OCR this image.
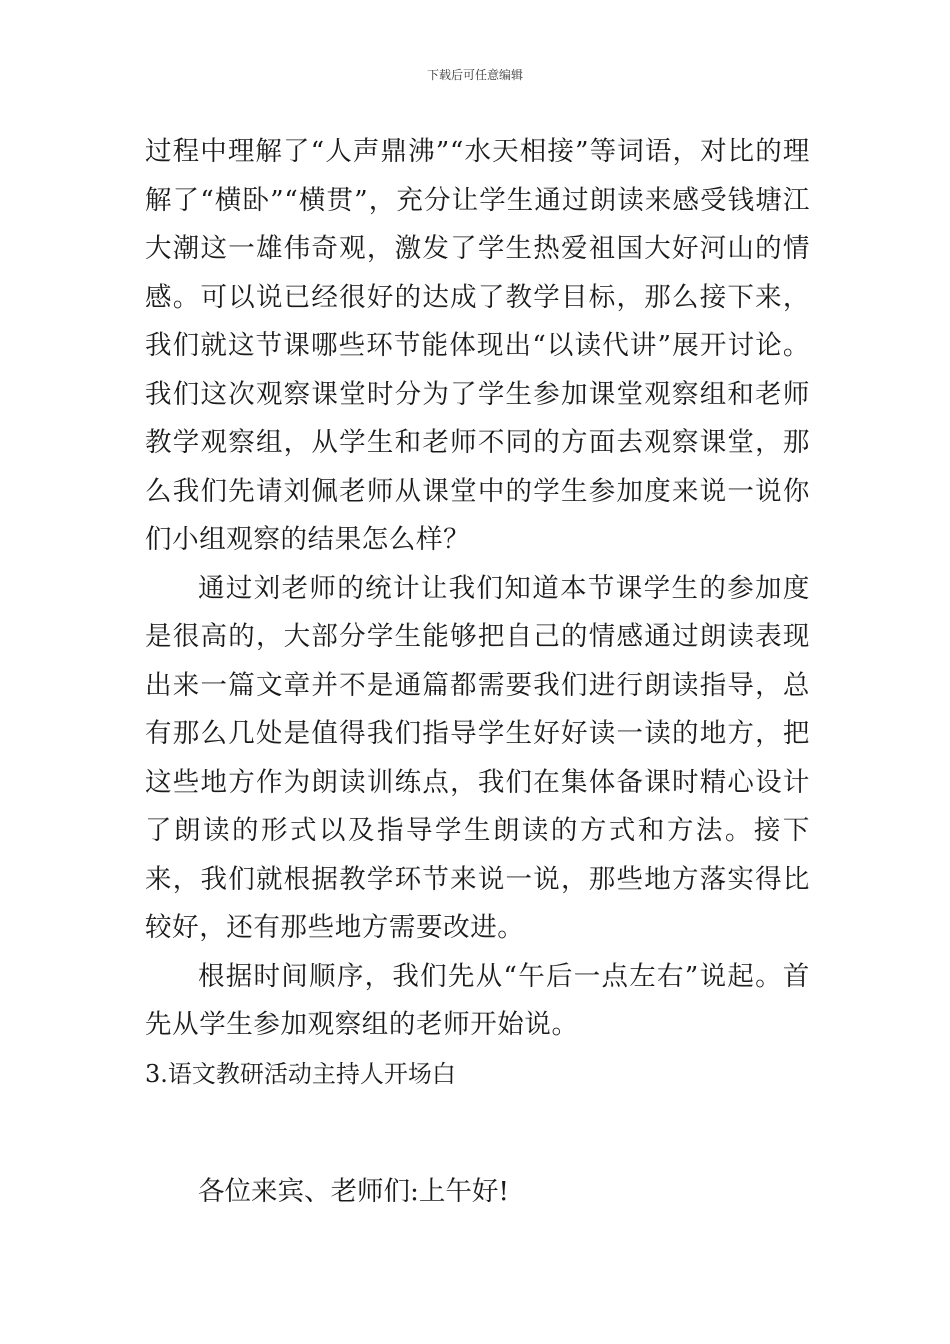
下载后可任意编辑

过程中理解了“人声鼎沸”“水天相接”等词语，对比的理解了“横卧”“横贯”，充分让学生通过朗读来感受钱塘江大潮这一雄伟奇观，激发了学生热爱祖国大好河山的情感。可以说已经很好的达成了教学目标，那么接下来，我们就这节课哪些环节能体现出“以读代讲”展开讨论。我们这次观察课堂时分为了学生参加课堂观察组和老师教学观察组，从学生和老师不同的方面去观察课堂，那么我们先请刘佩老师从课堂中的学生参加度来说一说你们小组观察的结果怎么样？

通过刘老师的统计让我们知道本节课学生的参加度是很高的，大部分学生能够把自己的情感通过朗读表现出来一篇文章并不是通篇都需要我们进行朗读指导，总有那么几处是值得我们指导学生好好读一读的地方，把这些地方作为朗读训练点，我们在集体备课时精心设计了朗读的形式以及指导学生朗读的方式和方法。接下来，我们就根据教学环节来说一说，那些地方落实得比较好，还有那些地方需要改进。

根据时间顺序，我们先从“午后一点左右”说起。首先从学生参加观察组的老师开始说。

3.语文教研活动主持人开场白

各位来宾、老师们:上午好!
